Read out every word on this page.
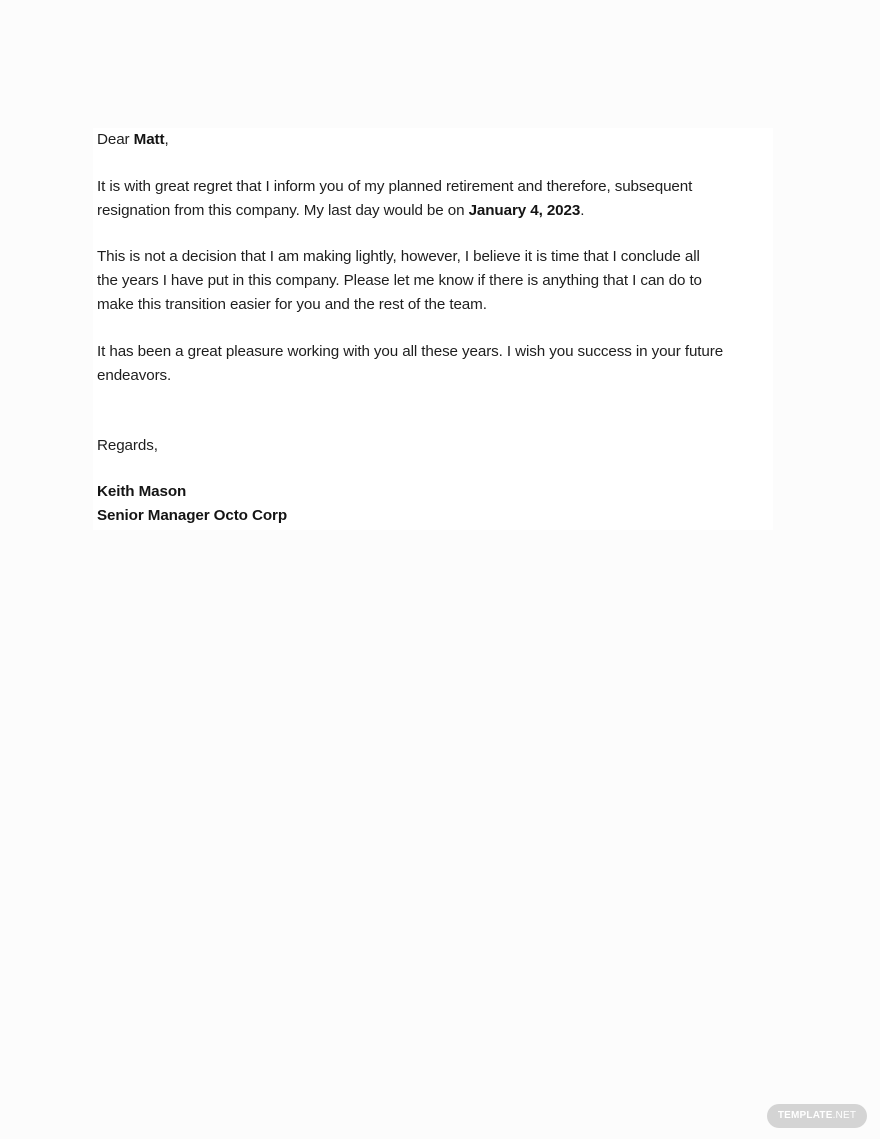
Dear Matt,
It is with great regret that I inform you of my planned retirement and therefore, subsequent
resignation from this company. My last day would be on January 4, 2023.
This is not a decision that I am making lightly, however, I believe it is time that I conclude all
the years I have put in this company. Please let me know if there is anything that I can do to
make this transition easier for you and the rest of the team.
It has been a great pleasure working with you all these years. I wish you success in your future
endeavors.
Regards,
Keith Mason
Senior Manager Octo Corp
TEMPLATE.NET
